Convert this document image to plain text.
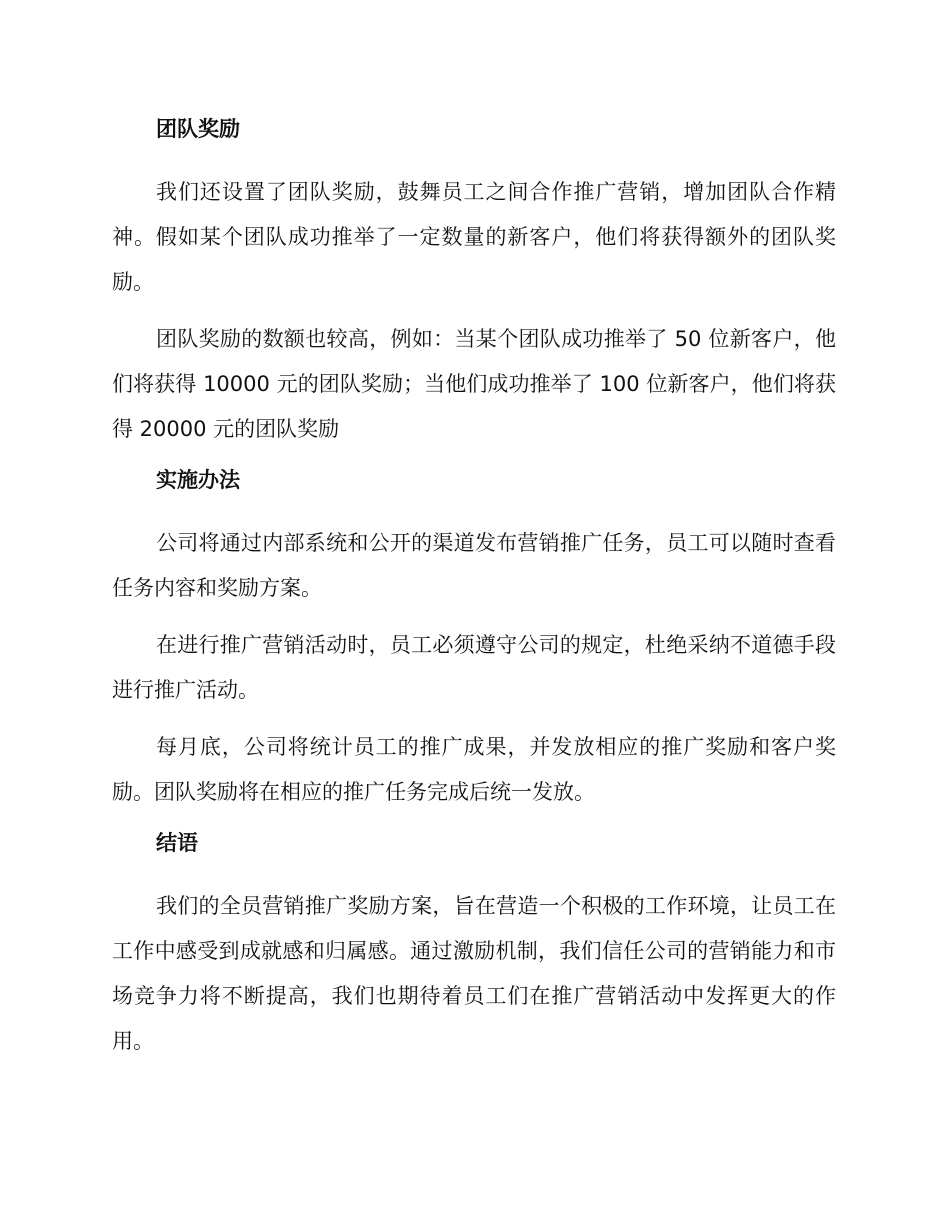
团队奖励

我们还设置了团队奖励，鼓舞员工之间合作推广营销，增加团队合作精神。假如某个团队成功推举了一定数量的新客户，他们将获得额外的团队奖励。

团队奖励的数额也较高，例如：当某个团队成功推举了 50 位新客户，他们将获得 10000 元的团队奖励；当他们成功推举了 100 位新客户，他们将获得 20000 元的团队奖励

实施办法

公司将通过内部系统和公开的渠道发布营销推广任务，员工可以随时查看任务内容和奖励方案。

在进行推广营销活动时，员工必须遵守公司的规定，杜绝采纳不道德手段进行推广活动。

每月底，公司将统计员工的推广成果，并发放相应的推广奖励和客户奖励。团队奖励将在相应的推广任务完成后统一发放。

结语

我们的全员营销推广奖励方案，旨在营造一个积极的工作环境，让员工在工作中感受到成就感和归属感。通过激励机制，我们信任公司的营销能力和市场竞争力将不断提高，我们也期待着员工们在推广营销活动中发挥更大的作用。
